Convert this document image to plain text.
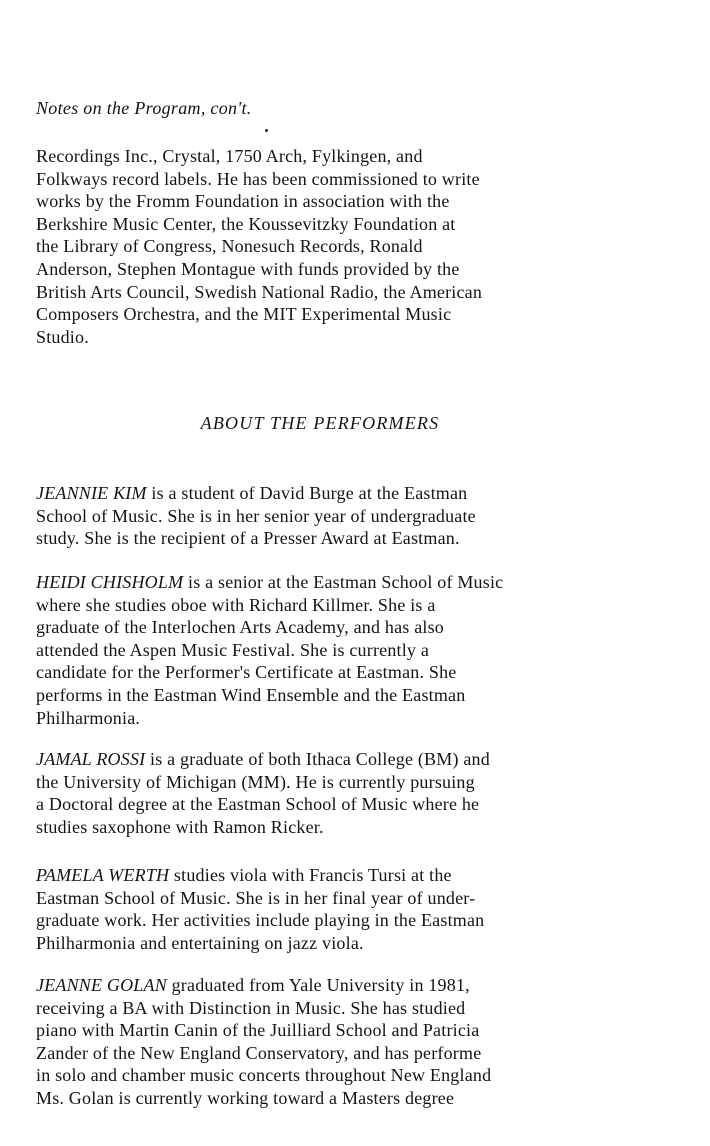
Notes on the Program, con't.
Recordings Inc., Crystal, 1750 Arch, Fylkingen, and
Folkways record labels. He has been commissioned to write
works by the Fromm Foundation in association with the
Berkshire Music Center, the Koussevitzky Foundation at
the Library of Congress, Nonesuch Records, Ronald
Anderson, Stephen Montague with funds provided by the
British Arts Council, Swedish National Radio, the American
Composers Orchestra, and the MIT Experimental Music
Studio.
ABOUT THE PERFORMERS
JEANNIE KIM is a student of David Burge at the Eastman
School of Music. She is in her senior year of undergraduate
study. She is the recipient of a Presser Award at Eastman.
HEIDI CHISHOLM is a senior at the Eastman School of Music
where she studies oboe with Richard Killmer. She is a
graduate of the Interlochen Arts Academy, and has also
attended the Aspen Music Festival. She is currently a
candidate for the Performer's Certificate at Eastman. She
performs in the Eastman Wind Ensemble and the Eastman
Philharmonia.
JAMAL ROSSI is a graduate of both Ithaca College (BM) and
the University of Michigan (MM). He is currently pursuing
a Doctoral degree at the Eastman School of Music where he
studies saxophone with Ramon Ricker.
PAMELA WERTH studies viola with Francis Tursi at the
Eastman School of Music. She is in her final year of under-
graduate work. Her activities include playing in the Eastman
Philharmonia and entertaining on jazz viola.
JEANNE GOLAN graduated from Yale University in 1981,
receiving a BA with Distinction in Music. She has studied
piano with Martin Canin of the Juilliard School and Patricia
Zander of the New England Conservatory, and has performe
in solo and chamber music concerts throughout New England
Ms. Golan is currently working toward a Masters degree
